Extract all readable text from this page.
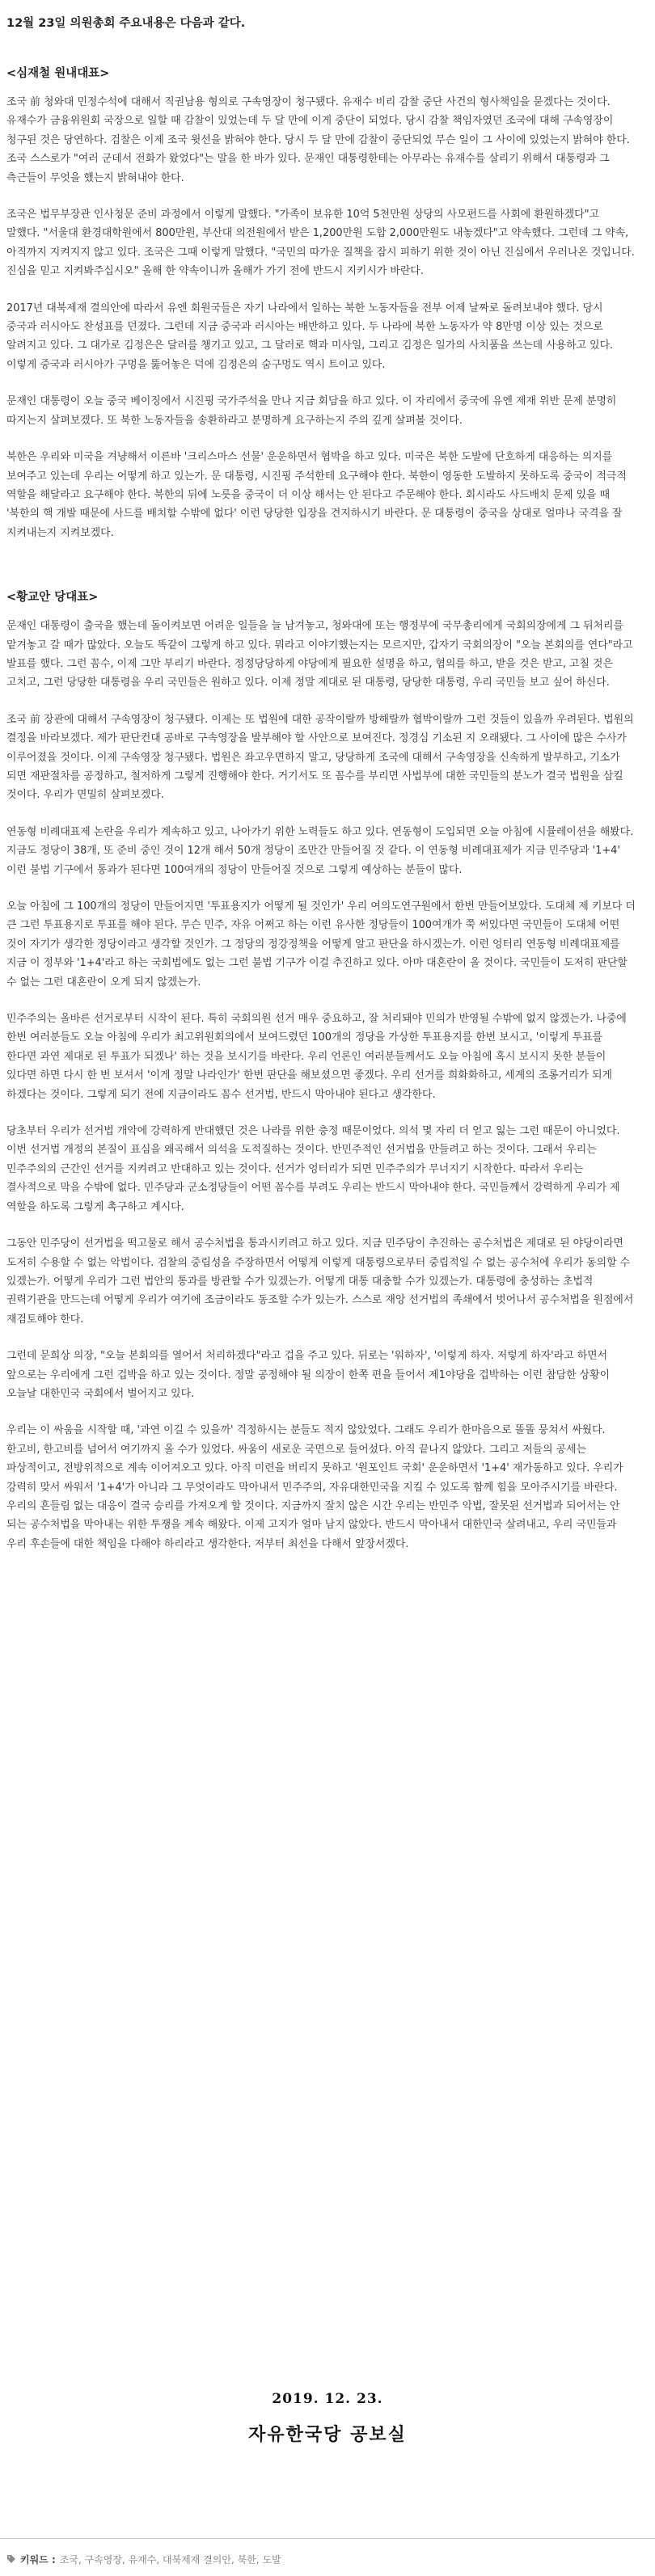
12월 23일 의원총회 주요내용은 다음과 같다.
<심재철 원내대표>

조국 前 청와대 민정수석에 대해서 직권남용 형의로 구속영장이 청구됐다. 유재수 비리 감찰 중단 사건의 형사책임을 묻겠다는 것이다. 유재수가 금융위원회 국장으로 일할 때 감찰이 있었는데 두 달 만에 이게 중단이 되었다. 당시 감찰 책임자였던 조국에 대해 구속영장이 청구된 것은 당연하다. 검찰은 이제 조국 윗선을 밝혀야 한다. 당시 두 달 만에 감찰이 중단되었 무슨 일이 그 사이에 있었는지 밝혀야 한다. 조국 스스로가 "여러 군데서 전화가 왔었다"는 말을 한 바가 있다. 문재인 대통령한테는 아무라는 유재수를 살리기 위해서 대통령과 그 측근들이 무엇을 했는지 밝혀내야 한다.

조국은 법무부장관 인사청문 준비 과정에서 이렇게 말했다. "가족이 보유한 10억 5천만원 상당의 사모펀드를 사회에 환원하겠다"고 말했다. "서울대 환경대학원에서 800만원, 부산대 의전원에서 받은 1,200만원 도합 2,000만원도 내놓겠다"고 약속했다. 그런데 그 약속, 아직까지 지켜지지 않고 있다. 조국은 그때 이렇게 말했다. "국민의 따가운 질책을 잠시 피하기 위한 것이 아닌 진심에서 우러나온 것입니다. 진심을 믿고 지켜봐주십시오" 올해 한 약속이니까 올해가 가기 전에 반드시 지키시가 바란다.

2017년 대북제재 결의안에 따라서 유엔 회원국들은 자기 나라에서 일하는 북한 노동자들을 전부 어제 날짜로 돌려보내야 했다. 당시 중국과 러시아도 찬성표를 던졌다. 그런데 지금 중국과 러시아는 배반하고 있다. 두 나라에 북한 노동자가 약 8만명 이상 있는 것으로 알려지고 있다. 그 대가로 김정은은 달러를 챙기고 있고, 그 달러로 핵과 미사일, 그리고 김정은 일가의 사치품을 쓰는데 사용하고 있다. 이렇게 중국과 러시아가 구멍을 뚫어놓은 덕에 김정은의 숨구멍도 역시 트이고 있다.

문재인 대통령이 오늘 중국 베이징에서 시진핑 국가주석을 만나 지금 회담을 하고 있다. 이 자리에서 중국에 유엔 제재 위반 문제 분명히 따지는지 살펴보겠다. 또 북한 노동자들을 송환하라고 분명하게 요구하는지 주의 깊게 살펴볼 것이다.

북한은 우리와 미국을 겨냥해서 이른바 '크리스마스 선물' 운운하면서 협박을 하고 있다. 미국은 북한 도발에 단호하게 대응하는 의지를 보여주고 있는데 우리는 어떻게 하고 있는가. 문 대통령, 시진핑 주석한테 요구해야 한다. 북한이 영동한 도발하지 못하도록 중국이 적극적 역할을 해달라고 요구해야 한다. 북한의 뒤에 노릇을 중국이 더 이상 해서는 안 된다고 주문해야 한다. 회시라도 사드배치 문제 있을 때 '북한의 핵 개발 때문에 사드를 배치할 수밖에 없다' 이런 당당한 입장을 견지하시기 바란다. 문 대통령이 중국을 상대로 얼마나 국격을 잘 지켜내는지 지켜보겠다.

<황교안 당대표>

문재인 대통령이 출국을 했는데 돌이켜보면 어려운 일들을 늘 남겨놓고, 청와대에 또는 행정부에 국무총리에게 국회의장에게 그 뒤처리를 맡겨놓고 갈 때가 많았다. 오늘도 똑같이 그렇게 하고 있다. 뭐라고 이야기했는지는 모르지만, 갑자기 국회의장이 "오늘 본회의를 연다"라고 발표를 했다. 그런 꼼수, 이제 그만 부리기 바란다. 정정당당하게 야당에게 필요한 설명을 하고, 협의를 하고, 받을 것은 받고, 고칠 것은 고치고, 그런 당당한 대통령을 우리 국민들은 원하고 있다. 이제 정말 제대로 된 대통령, 당당한 대통령, 우리 국민들 보고 싶어 하신다.

조국 前 장관에 대해서 구속영장이 청구됐다. 이제는 또 법원에 대한 공작이랄까 방해랄까 협박이랄까 그런 것들이 있을까 우려된다. 법원의 결정을 바라보겠다. 제가 판단컨대 공바로 구속영장을 발부해야 할 사안으로 보여진다. 정경심 기소된 지 오래됐다. 그 사이에 많은 수사가 이루어졌을 것이다. 이제 구속영장 청구됐다. 법원은 좌고우면하지 말고, 당당하게 조국에 대해서 구속영장을 신속하게 발부하고, 기소가 되면 재판절차를 공정하고, 철저하게 그렇게 진행해야 한다. 거기서도 또 꼼수를 부리면 사법부에 대한 국민들의 분노가 결국 법원을 삼킬 것이다. 우리가 면밀히 살펴보겠다.

연동형 비례대표제 논란을 우리가 계속하고 있고, 나아가기 위한 노력들도 하고 있다. 연동형이 도입되면 오늘 아침에 시뮬레이션을 해봤다. 지금도 정당이 38개, 또 준비 중인 것이 12개 해서 50개 정당이 조만간 만들어질 것 같다. 이 연동형 비례대표제가 지금 민주당과 '1+4' 이런 불법 기구에서 통과가 된다면 100여개의 정당이 만들어질 것으로 그렇게 예상하는 분들이 많다.

오늘 아침에 그 100개의 정당이 만들어지면 '투표용지가 어떻게 될 것인가' 우리 여의도연구원에서 한번 만들어보았다. 도대체 제 키보다 더 큰 그런 투표용지로 투표를 해야 된다. 무슨 민주, 자유 어쩌고 하는 이런 유사한 정당들이 100여개가 쭉 써있다면 국민들이 도대체 어떤 것이 자기가 생각한 정당이라고 생각할 것인가. 그 정당의 정강정책을 어떻게 알고 판단을 하시겠는가. 이런 엉터리 연동형 비례대표제를 지금 이 정부와 '1+4'라고 하는 국회법에도 없는 그런 불법 기구가 이걸 추진하고 있다. 아마 대혼란이 올 것이다. 국민들이 도저히 판단할 수 없는 그런 대혼란이 오게 되지 않겠는가.

민주주의는 올바른 선거로부터 시작이 된다. 특히 국회의원 선거 매우 중요하고, 잘 처리돼야 민의가 반영될 수밖에 없지 않겠는가. 나중에 한번 여러분들도 오늘 아침에 우리가 최고위원회의에서 보여드렸던 100개의 정당을 가상한 투표용지를 한번 보시고, '이렇게 투표를 한다면 과연 제대로 된 투표가 되겠나' 하는 것을 보시기를 바란다. 우리 언론인 여러분들께서도 오늘 아침에 혹시 보시지 못한 분들이 있다면 하면 다시 한 번 보셔서 '이게 정말 나라인가' 한번 판단을 해보셨으면 좋겠다. 우리 선거를 희화화하고, 세계의 조롱거리가 되게 하겠다는 것이다. 그렇게 되기 전에 지금이라도 꼼수 선거법, 반드시 막아내야 된다고 생각한다.

당초부터 우리가 선거법 개악에 강력하게 반대했던 것은 나라를 위한 충정 때문이었다. 의석 몇 자리 더 얻고 잃는 그런 때문이 아니었다. 이번 선거법 개정의 본질이 표심을 왜곡해서 의석을 도적질하는 것이다. 반민주적인 선거법을 만들려고 하는 것이다. 그래서 우리는 민주주의의 근간인 선거를 지켜려고 반대하고 있는 것이다. 선거가 엉터리가 되면 민주주의가 무너지기 시작한다. 따라서 우리는 결사적으로 막을 수밖에 없다. 민주당과 군소정당들이 어떤 꼼수를 부려도 우리는 반드시 막아내야 한다. 국민들께서 강력하게 우리가 제 역할을 하도록 그렇게 촉구하고 계시다.

그동안 민주당이 선거법을 떡고물로 해서 공수처법을 통과시키려고 하고 있다. 지금 민주당이 추진하는 공수처법은 제대로 된 야당이라면 도저히 수용할 수 없는 악법이다. 검찰의 중립성을 주장하면서 어떻게 이렇게 대통령으로부터 중립적일 수 없는 공수처에 우리가 동의할 수 있겠는가. 어떻게 우리가 그런 법안의 통과를 방관할 수가 있겠는가. 어떻게 대통 대충할 수가 있겠는가. 대통령에 충성하는 초법적 권력기관을 만드는데 어떻게 우리가 여기에 조금이라도 동조할 수가 있는가. 스스로 재앙 선거법의 족쇄에서 벗어나서 공수처법을 원점에서 재검토해야 한다.

그런데 문희상 의장, "오늘 본회의를 열어서 처리하겠다"라고 겁을 주고 있다. 뒤로는 '워하자', '이렇게 하자. 저렇게 하자'라고 하면서 앞으로는 우리에게 그런 겁박을 하고 있는 것이다. 정말 공정해야 될 의장이 한쪽 편을 들어서 제1야당을 겁박하는 이런 참담한 상황이 오늘날 대한민국 국회에서 벌어지고 있다.

우리는 이 싸움을 시작할 때, '과연 이길 수 있을까' 걱정하시는 분들도 적지 않았었다. 그래도 우리가 한마음으로 똘똘 뭉쳐서 싸웠다. 한고비, 한고비를 넘어서 여기까지 올 수가 있었다. 싸움이 새로운 국면으로 들어섰다. 아직 끝나지 않았다. 그리고 저들의 공세는 파상적이고, 전방위적으로 계속 이어져오고 있다. 아직 미련을 버리지 못하고 '원포인트 국회' 운운하면서 '1+4' 재가동하고 있다. 우리가 강력히 맞서 싸워서 '1+4'가 아니라 그 무엇이라도 막아내서 민주주의, 자유대한민국을 지킬 수 있도록 함께 힘을 모아주시기를 바란다. 우리의 흔들림 없는 대응이 결국 승리를 가져오게 할 것이다. 지금까지 잘치 않은 시간 우리는 반민주 악법, 잘못된 선거법과 되어서는 안 되는 공수처법을 막아내는 위한 투쟁을 계속 해왔다. 이제 고지가 얼마 남지 않았다. 반드시 막아내서 대한민국 살려내고, 우리 국민들과 우리 후손들에 대한 책임을 다해야 하리라고 생각한다. 저부터 최선을 다해서 앞장서겠다.

2019. 12. 23.
자유한국당 공보실
키워드 : 조국, 구속영장, 유재수, 대북제재 결의안, 북한, 도발
